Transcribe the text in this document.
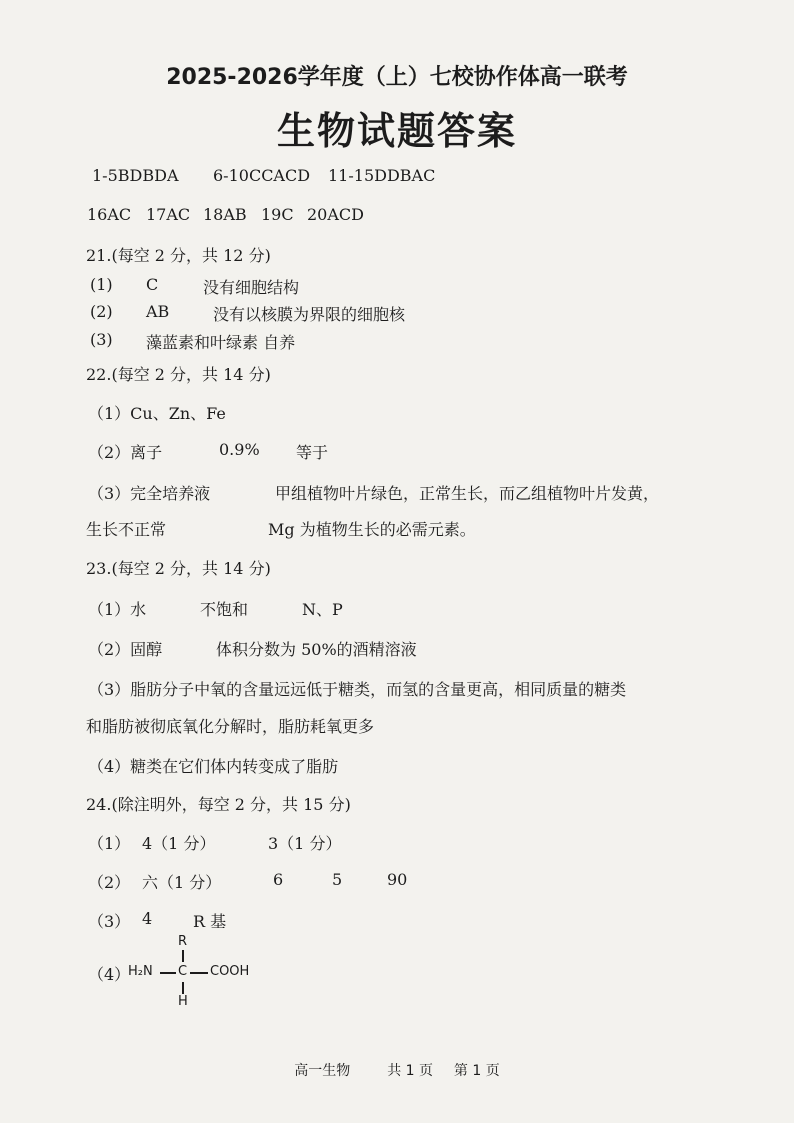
2025-2026学年度（上）七校协作体高一联考
生物试题答案
1-5BDBDA 6-10CCACD 11-15DDBAC
16AC 17AC 18AB 19C 20ACD
21.(每空 2 分，共 12 分)
(1) C	没有细胞结构
(2) AB	没有以核膜为界限的细胞核
(3) 藻蓝素和叶绿素 自养
22.(每空 2 分，共 14 分)
（1）Cu、Zn、Fe
（2）离子	0.9% 等于
（3）完全培养液	甲组植物叶片绿色，正常生长，而乙组植物叶片发黄，
生长不正常	Mg 为植物生长的必需元素。
23.(每空 2 分，共 14 分)
（1）水	不饱和	N、P
（2）固醇	体积分数为 50%的酒精溶液
（3）脂肪分子中氧的含量远远低于糖类，而氢的含量更高，相同质量的糖类
和脂肪被彻底氧化分解时，脂肪耗氧更多
（4）糖类在它们体内转变成了脂肪
24.(除注明外，每空 2 分，共 15 分)
（1） 4（1 分）	3（1 分）
（2） 六（1 分）	6	5	90
（3） 4	R 基
（4）
R
H₂N C COOH
H
高一生物	共 1 页 第 1 页
